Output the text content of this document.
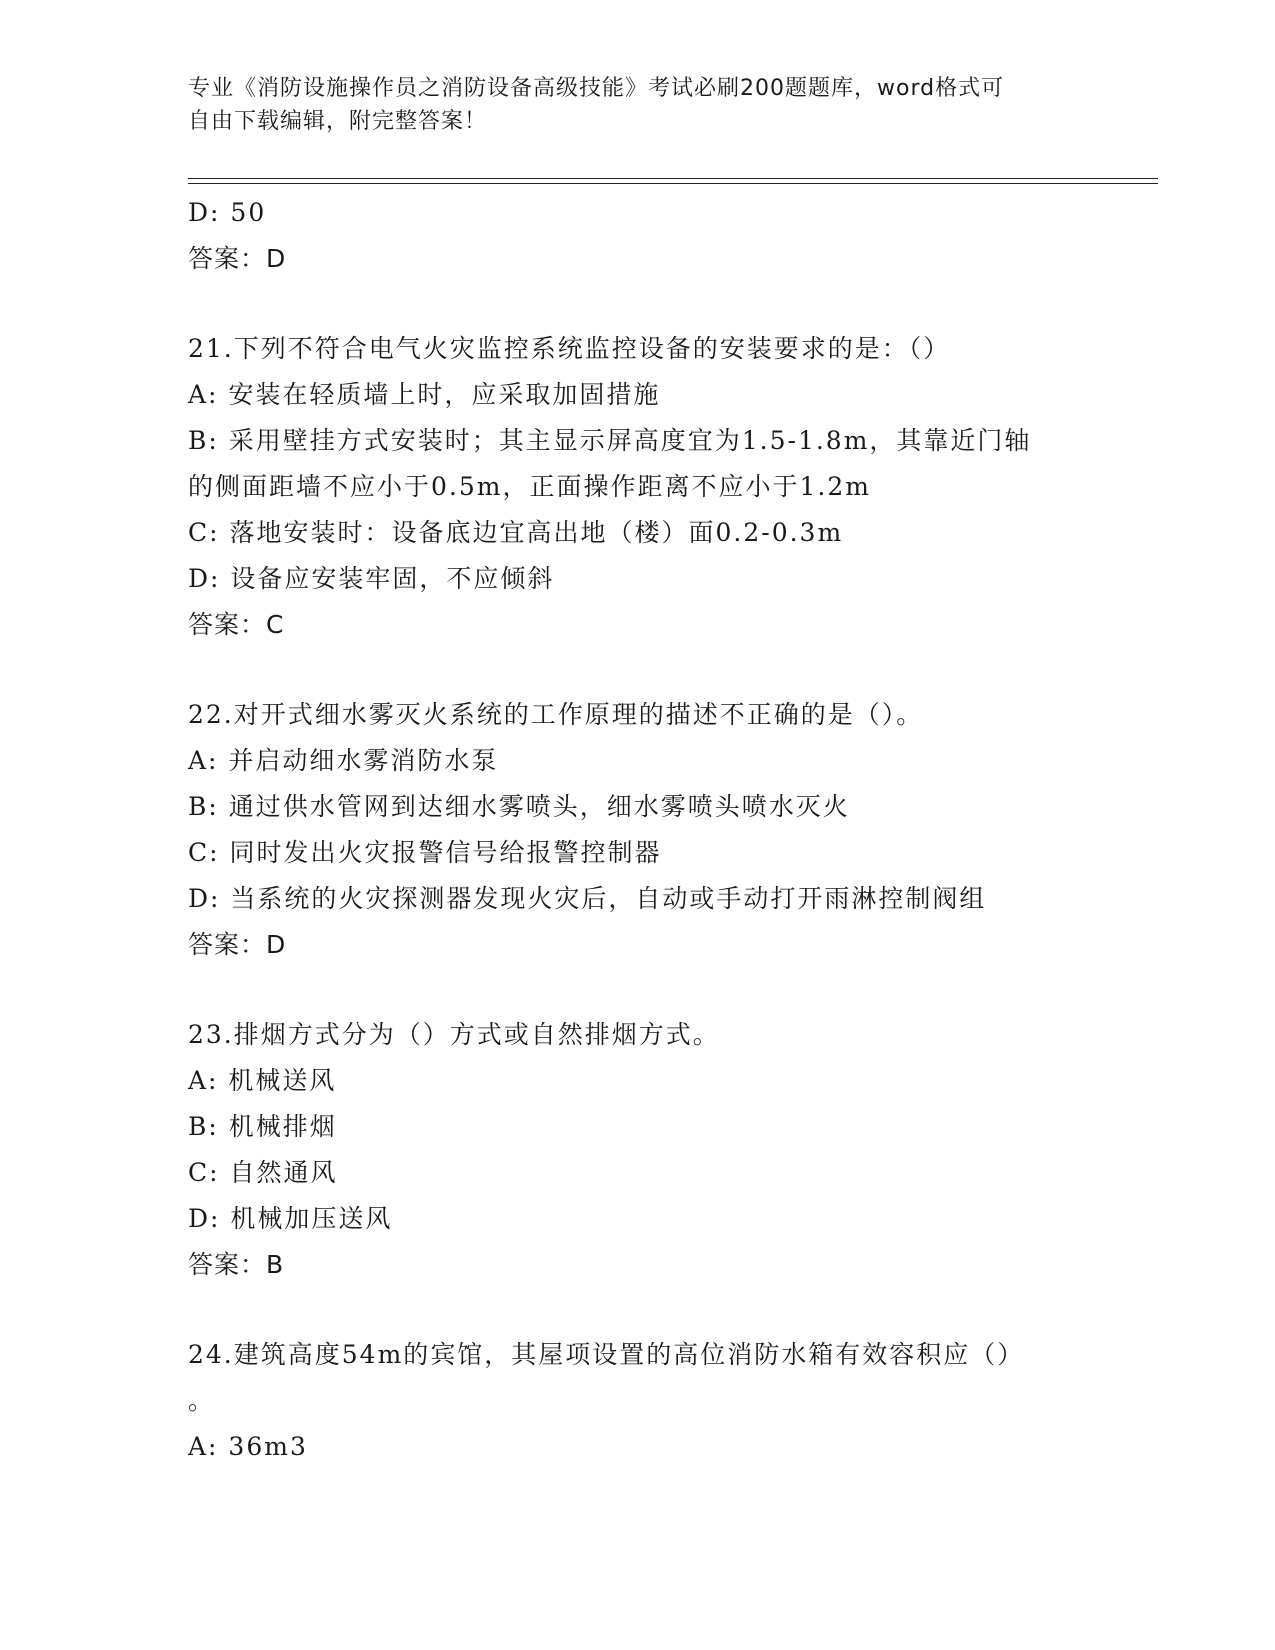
专业《消防设施操作员之消防设备高级技能》考试必刷200题题库，word格式可
自由下载编辑，附完整答案！
D: 50
答案：D
21.下列不符合电气火灾监控系统监控设备的安装要求的是：（）
A: 安装在轻质墙上时，应采取加固措施
B: 采用壁挂方式安装时；其主显示屏高度宜为1.5-1.8m，其靠近门轴
的侧面距墙不应小于0.5m，正面操作距离不应小于1.2m
C: 落地安装时：设备底边宜高出地（楼）面0.2-0.3m
D: 设备应安装牢固，不应倾斜
答案：C
22.对开式细水雾灭火系统的工作原理的描述不正确的是（）。
A: 并启动细水雾消防水泵
B: 通过供水管网到达细水雾喷头，细水雾喷头喷水灭火
C: 同时发出火灾报警信号给报警控制器
D: 当系统的火灾探测器发现火灾后，自动或手动打开雨淋控制阀组
答案：D
23.排烟方式分为（）方式或自然排烟方式。
A: 机械送风
B: 机械排烟
C: 自然通风
D: 机械加压送风
答案：B
24.建筑高度54m的宾馆，其屋项设置的高位消防水箱有效容积应（）
。
A: 36m3
